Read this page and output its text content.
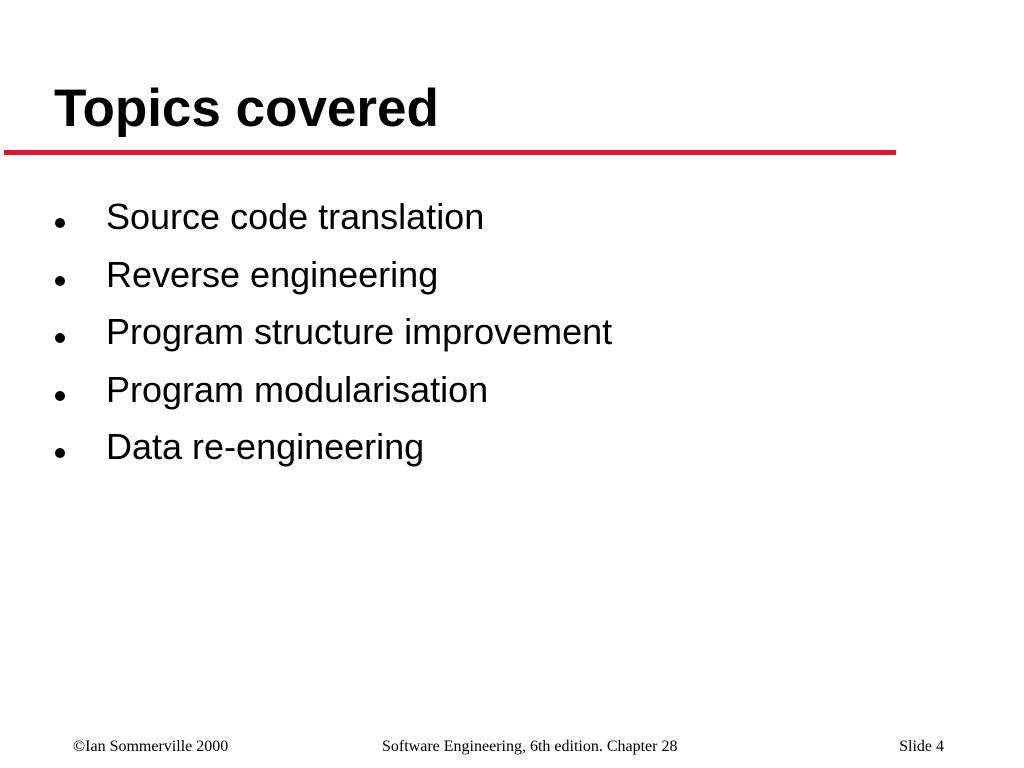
Topics covered
Source code translation
Reverse engineering
Program structure improvement
Program modularisation
Data re-engineering
©Ian Sommerville 2000	Software Engineering, 6th edition. Chapter 28	Slide 4
